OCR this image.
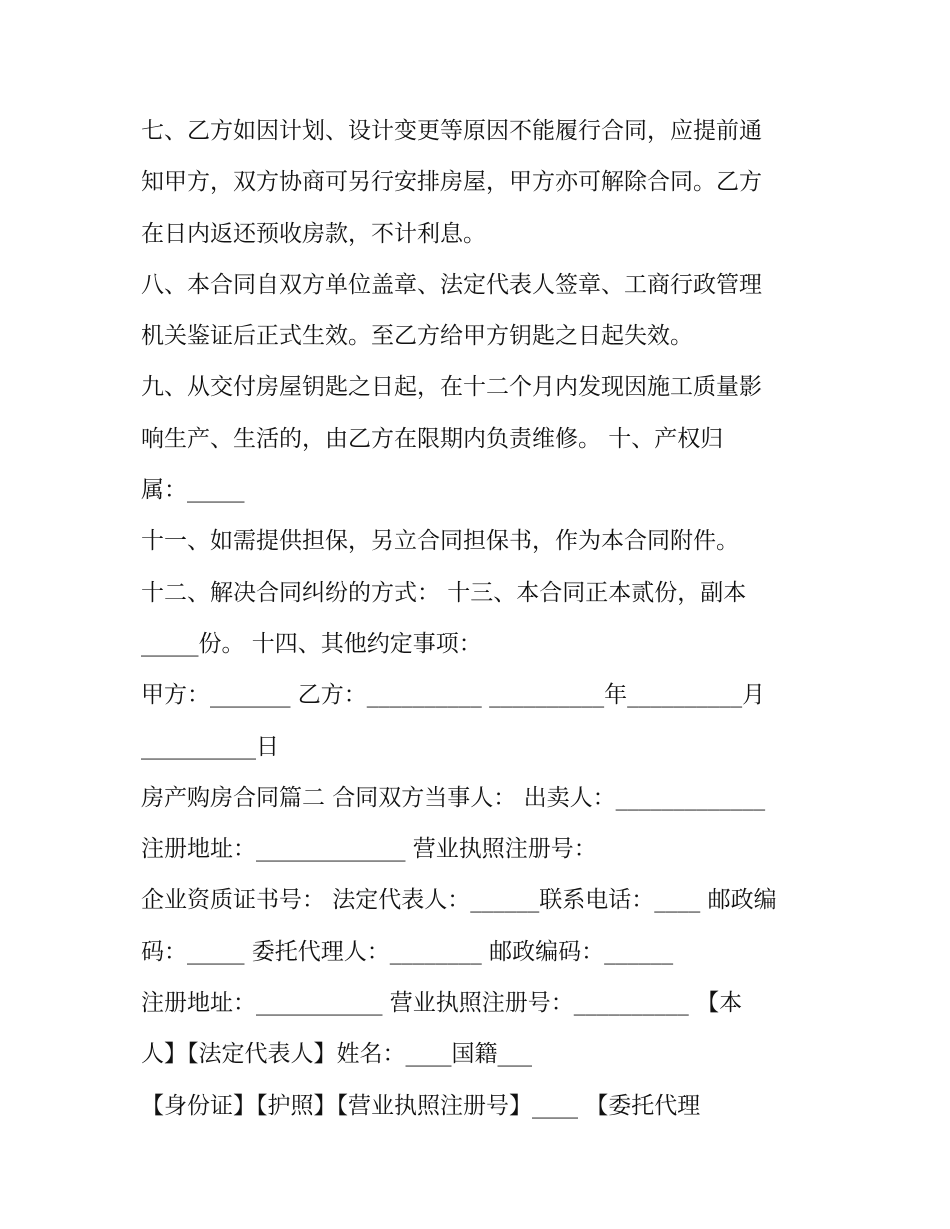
七、乙方如因计划、设计变更等原因不能履行合同，应提前通
知甲方，双方协商可另行安排房屋，甲方亦可解除合同。乙方
在日内返还预收房款，不计利息。
八、本合同自双方单位盖章、法定代表人签章、工商行政管理
机关鉴证后正式生效。至乙方给甲方钥匙之日起失效。
九、从交付房屋钥匙之日起，在十二个月内发现因施工质量影
响生产、生活的，由乙方在限期内负责维修。 十、产权归
属：_____
十一、如需提供担保，另立合同担保书，作为本合同附件。
十二、解决合同纠纷的方式： 十三、本合同正本贰份，副本
_____份。 十四、其他约定事项：
甲方：_______ 乙方：__________ __________年__________月
__________日
房产购房合同篇二 合同双方当事人： 出卖人：_____________
注册地址：_____________ 营业执照注册号：
企业资质证书号： 法定代表人：______联系电话：____ 邮政编
码：_____ 委托代理人：________ 邮政编码：______
注册地址：___________ 营业执照注册号：__________ 【本
人】【法定代表人】姓名：____国籍___
【身份证】【护照】【营业执照注册号】____ 【委托代理
